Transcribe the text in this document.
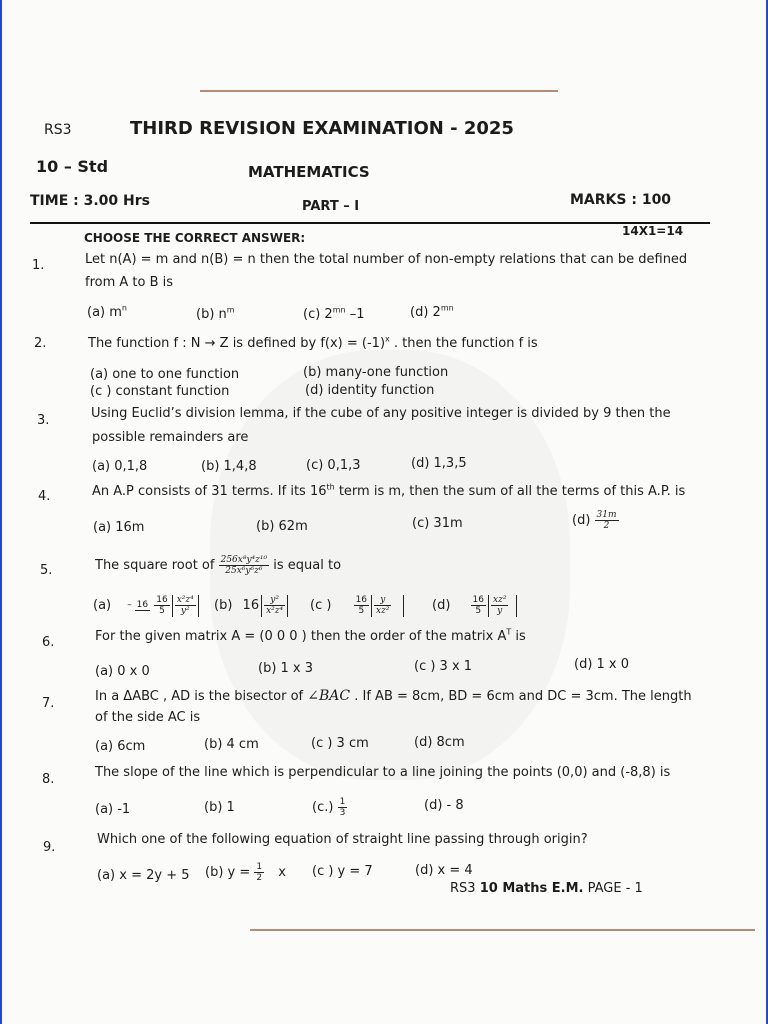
RS3	THIRD REVISION EXAMINATION - 2025
10 – Std	MATHEMATICS
TIME : 3.00 Hrs	PART – I	MARKS : 100
CHOOSE THE CORRECT ANSWER:	14X1=14
1.	Let n(A) = m and n(B) = n then the total number of non-empty relations that can be defined
from A to B is
(a) $m^n$	(b) $n^m$	(c) $2^{mn}$ –1	(d) $2^{mn}$
2.	The function f : N → Z is defined by $f(x) = (-1)^x$ . then the function f is
(a) one to one function	(b) many-one function
(c ) constant function	(d) identity function
3.	Using Euclid’s division lemma, if the cube of any positive integer is divided by 9 then the
possible remainders are
(a) 0,1,8	(b) 1,4,8	(c) 0,1,3	(d) 1,3,5
4.	An A.P consists of 31 terms. If its 16th term is m, then the sum of all the terms of this A.P. is
(a) 16m	(b) 62m	(c) 31m	$(d) \frac{31m}{2}$
5.	The square root of $\frac{\text{256x⁸y⁴z¹⁰}}{\text{25x⁶y⁶z⁶}}$ is equal to
$(a) - 16 \frac{16}{5} \frac{\text{x²z⁴}}{\text{y²}} (b)$ $16 \frac{\text{y²}}{\text{x²z⁴}} (c$ ) $\frac{16}{5} \frac{y}{\text{xz²}}$	$(d) \frac{16}{5} \frac{\text{xz²}}{y}$
6.	For the given matrix A = (0 0 0 ) then the order of the matrix $A^T$ is
(a) 0 x 0	(b) 1 x 3	(c ) 3 x 1	(d) 1 x 0
7.	In a ΔABC , AD is the bisector of ∠BAC . If AB = 8cm, BD = 6cm and DC = 3cm. The length
of the side AC is
(a) 6cm	(b) 4 cm	(c ) 3 cm	(d) 8cm
8.	The slope of the line which is perpendicular to a line joining the points (0,0) and (-8,8) is
(a) -1	(b) 1	$(c.) \frac{1}{3}$	(d) - 8
9.
Which one of the following equation of straight line passing through origin?
(a) x = 2y + 5 (b) $y = \frac{1}{2}$ x (c ) y = 7	(d) x = 4
RS3 10 Maths E.M. PAGE - 1
